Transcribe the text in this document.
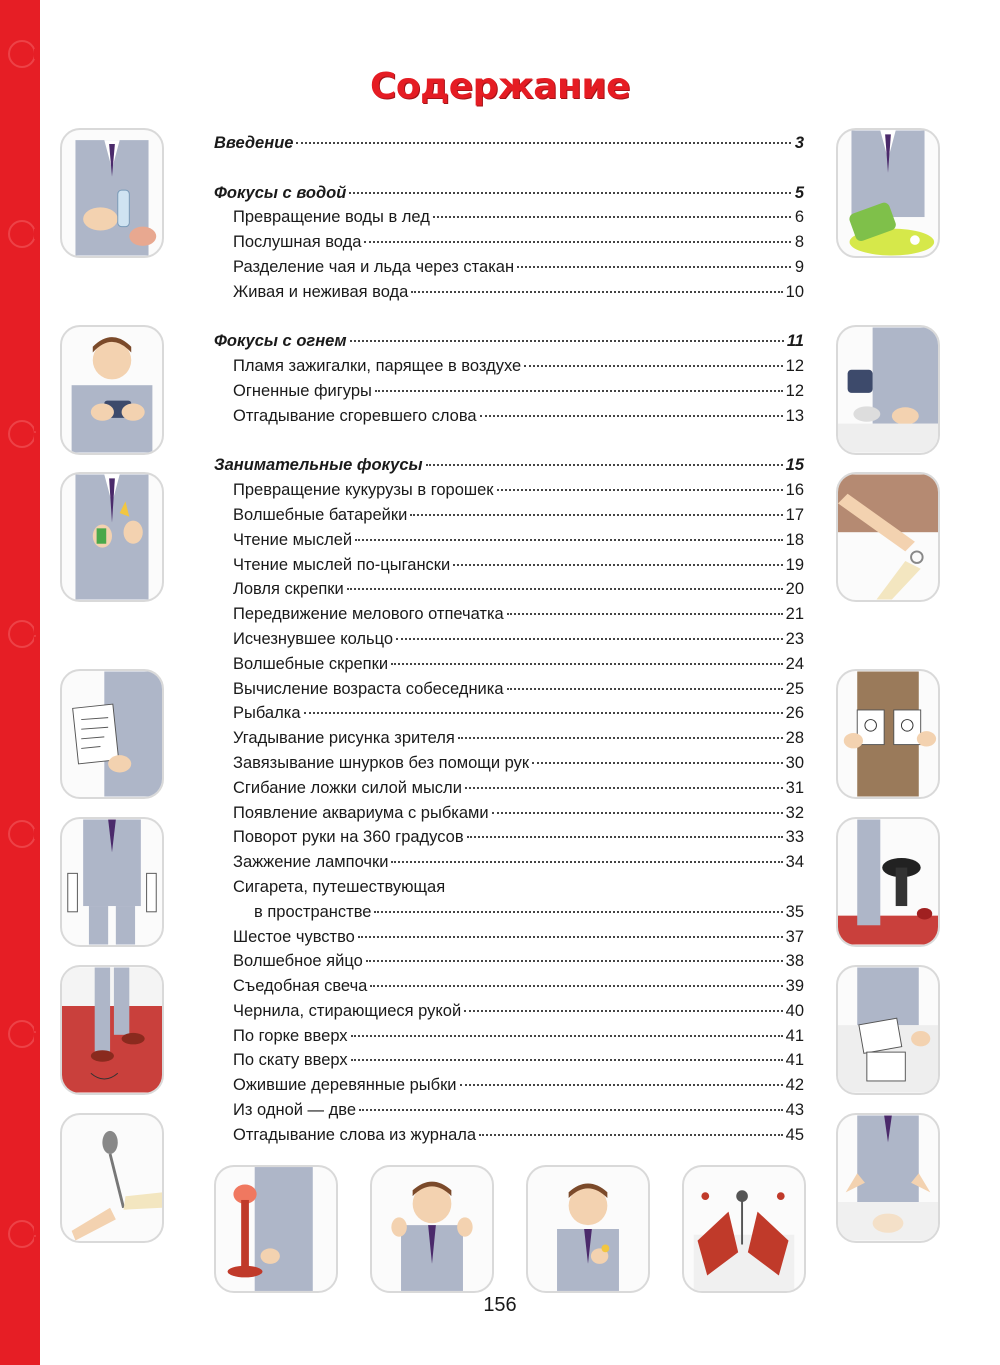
Содержание
Введение	3
Фокусы с водой	5
Превращение воды в лед	6
Послушная вода	8
Разделение чая и льда через стакан	9
Живая и неживая вода	10
Фокусы с огнем	11
Пламя зажигалки, парящее в воздухе	12
Огненные фигуры	12
Отгадывание сгоревшего слова	13
Занимательные фокусы	15
Превращение кукурузы в горошек	16
Волшебные батарейки	17
Чтение мыслей	18
Чтение мыслей по-цыгански	19
Ловля скрепки	20
Передвижение мелового отпечатка	21
Исчезнувшее кольцо	23
Волшебные скрепки	24
Вычисление возраста собеседника	25
Рыбалка	26
Угадывание рисунка зрителя	28
Завязывание шнурков без помощи рук	30
Сгибание ложки силой мысли	31
Появление аквариума с рыбками	32
Поворот руки на 360 градусов	33
Зажжение лампочки	34
Сигарета, путешествующая
в пространстве	35
Шестое чувство	37
Волшебное яйцо	38
Съедобная свеча	39
Чернила, стирающиеся рукой	40
По горке вверх	41
По скату вверх	41
Ожившие деревянные рыбки	42
Из одной — две	43
Отгадывание слова из журнала	45
156
